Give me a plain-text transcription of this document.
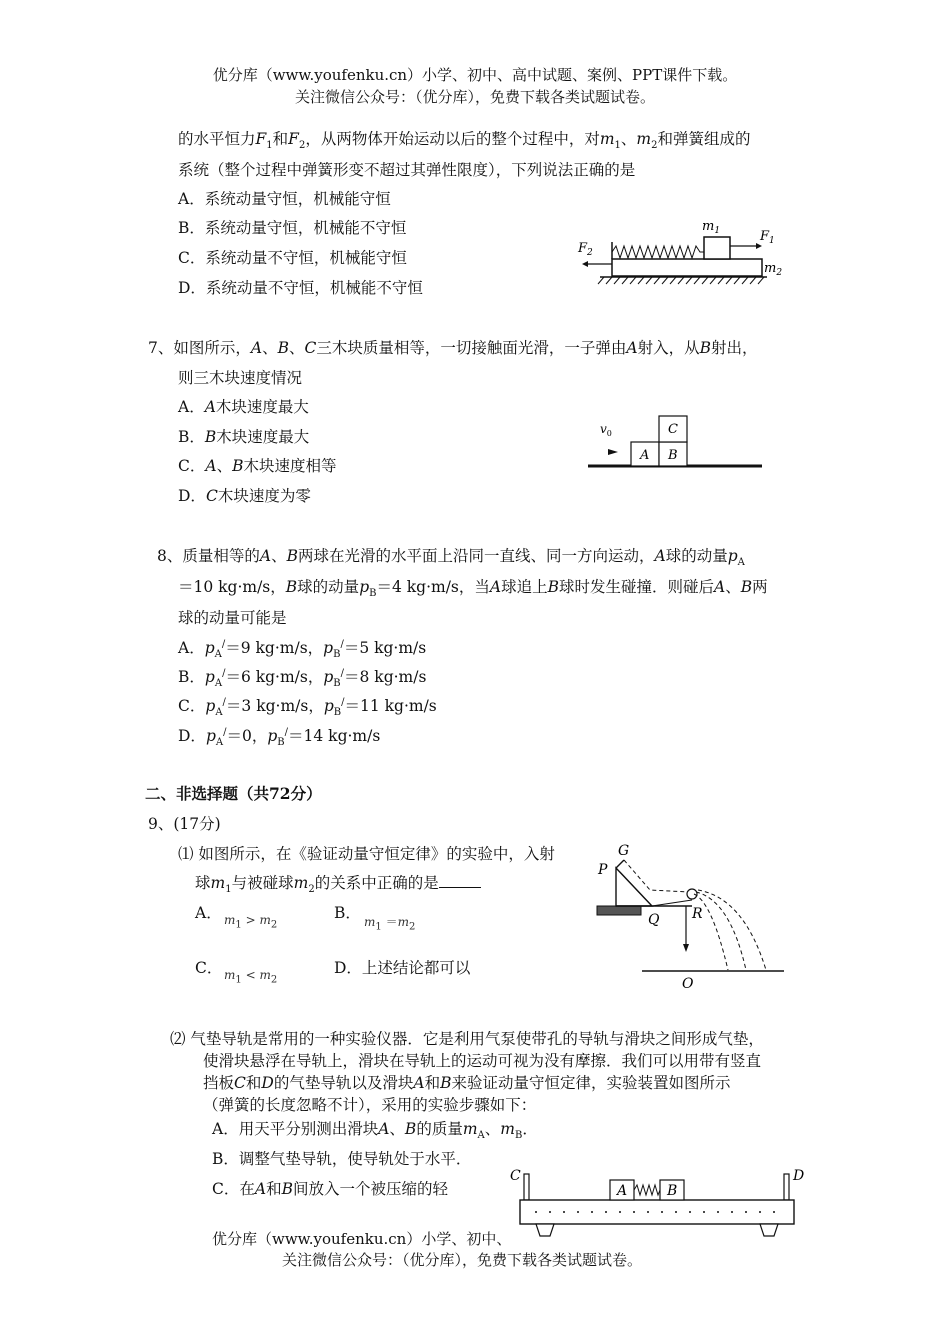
优分库（www.youfenku.cn）小学、初中、高中试题、案例、PPT课件下载。
关注微信公众号：（优分库），免费下载各类试题试卷。
的水平恒力$F_1$和$F_2$，从两物体开始运动以后的整个过程中，对$m_1$、$m_2$和弹簧组成的
系统（整个过程中弹簧形变不超过其弹性限度），下列说法正确的是
A．系统动量守恒，机械能守恒
B．系统动量守恒，机械能不守恒
C．系统动量不守恒，机械能守恒
D．系统动量不守恒，机械能不守恒
$F_1$
$F_2$
$m_1$
$m_2$
7、如图所示，A、B、C三木块质量相等，一切接触面光滑，一子弹由A射入，从B射出，
则三木块速度情况
A．A木块速度最大
B．B木块速度最大
C．A、B木块速度相等
D．C木块速度为零
A B
C
$v_0$
8、质量相等的A、B两球在光滑的水平面上沿同一直线、同一方向运动，A球的动量$p_A$
＝10 kg·m/s，B球的动量$p_B=4$ kg·m/s，当A球追上B球时发生碰撞．则碰后A、B两
球的动量可能是
A．$p_A^/=9$ kg·m/s，$p_B^/=5$ kg·m/s
B．$p_A^/=6$ kg·m/s，$p_B^/=8$ kg·m/s
C．$p_A^/=3$ kg·m/s，$p_B^/=11$ kg·m/s
D．$p_A^/=0$，$p_B^/=14$ kg·m/s
二、非选择题（共72分）
9、(17分)
⑴ 如图所示，在《验证动量守恒定律》的实验中，入射
球$m_1$与被碰球$m_2$的关系中正确的是
A． $m_1 > m_2$
B． $m_1 =m_2$
C． $m_1 < m_2$
D．上述结论都可以
G
P
Q R
O
⑵ 气垫导轨是常用的一种实验仪器．它是利用气泵使带孔的导轨与滑块之间形成气垫，
使滑块悬浮在导轨上，滑块在导轨上的运动可视为没有摩擦．我们可以用带有竖直
挡板C和D的气垫导轨以及滑块A和B来验证动量守恒定律，实验装置如图所示
（弹簧的长度忽略不计），采用的实验步骤如下：
A．用天平分别测出滑块A、B的质量$m_A$、$m_B$．
B．调整气垫导轨，使导轨处于水平．
C．在A和B间放入一个被压缩的轻	A	B
C	D
优分库（www.youfenku.cn）小学、初中、
关注微信公众号：（优分库），免费下载各类试题试卷。
